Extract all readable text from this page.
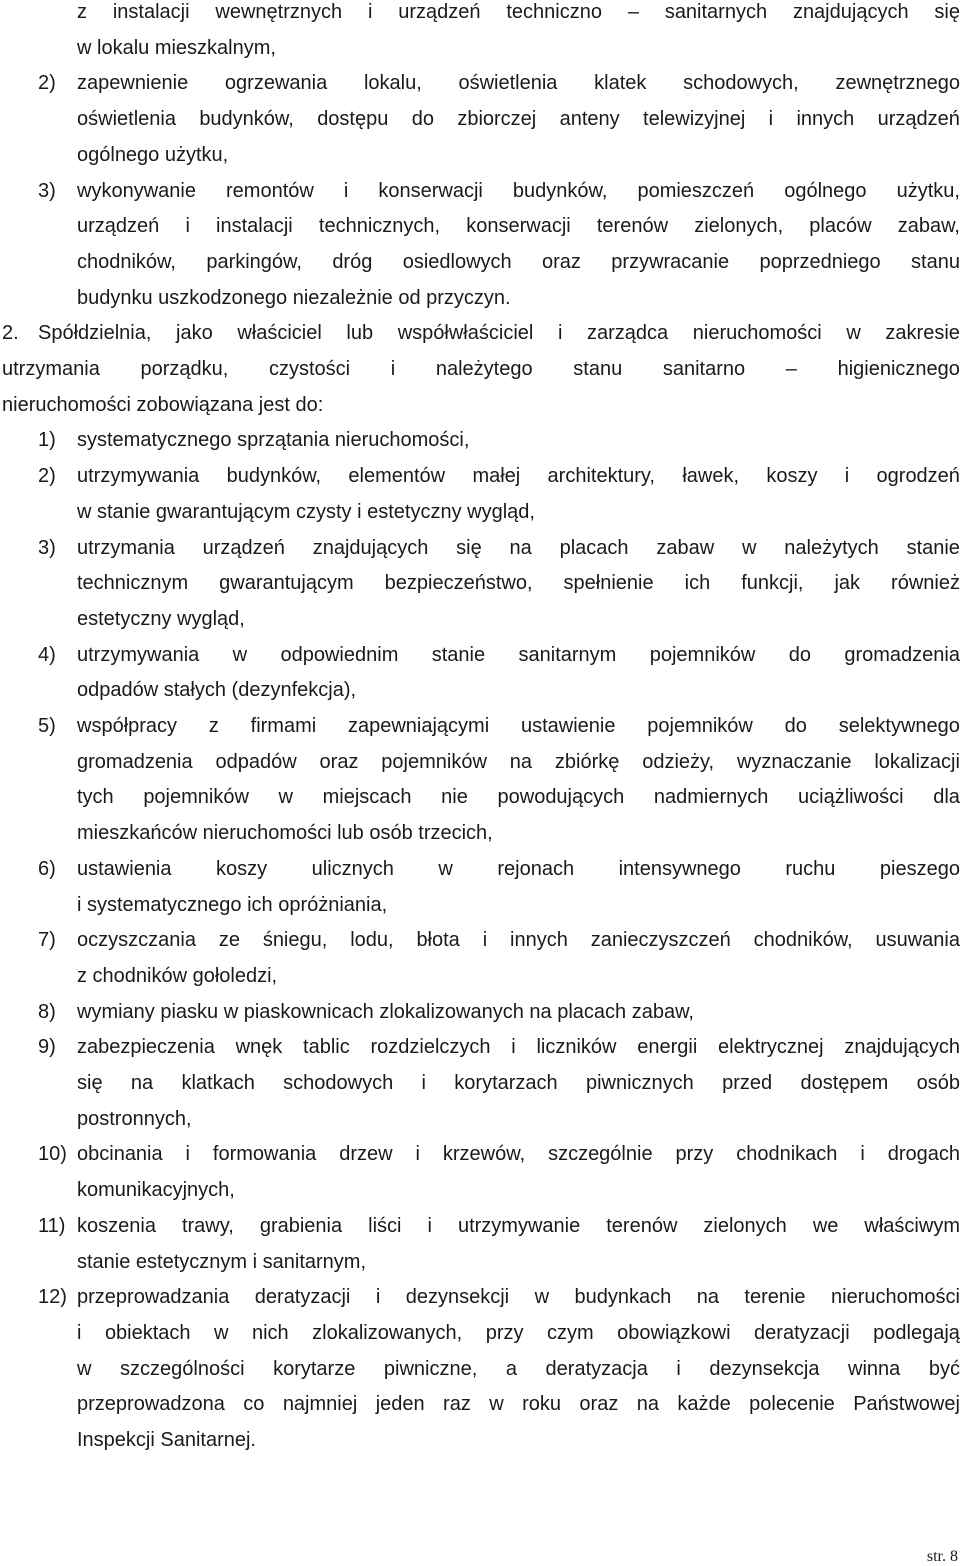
z instalacji wewnętrznych i urządzeń techniczno – sanitarnych znajdujących się
w lokalu mieszkalnym,
2) zapewnienie ogrzewania lokalu, oświetlenia klatek schodowych, zewnętrznego
oświetlenia budynków, dostępu do zbiorczej anteny telewizyjnej i innych urządzeń
ogólnego użytku,
3) wykonywanie remontów i konserwacji budynków, pomieszczeń ogólnego użytku,
urządzeń i instalacji technicznych, konserwacji terenów zielonych, placów zabaw,
chodników, parkingów, dróg osiedlowych oraz przywracanie poprzedniego stanu
budynku uszkodzonego niezależnie od przyczyn.
2. Spółdzielnia, jako właściciel lub współwłaściciel i zarządca nieruchomości w zakresie
utrzymania porządku, czystości i należytego stanu sanitarno – higienicznego
nieruchomości zobowiązana jest do:
1) systematycznego sprzątania nieruchomości,
2) utrzymywania budynków, elementów małej architektury, ławek, koszy i ogrodzeń
w stanie gwarantującym czysty i estetyczny wygląd,
3) utrzymania urządzeń znajdujących się na placach zabaw w należytych stanie
technicznym gwarantującym bezpieczeństwo, spełnienie ich funkcji, jak również
estetyczny wygląd,
4) utrzymywania w odpowiednim stanie sanitarnym pojemników do gromadzenia
odpadów stałych (dezynfekcja),
5) współpracy z firmami zapewniającymi ustawienie pojemników do selektywnego
gromadzenia odpadów oraz pojemników na zbiórkę odzieży, wyznaczanie lokalizacji
tych pojemników w miejscach nie powodujących nadmiernych uciążliwości dla
mieszkańców nieruchomości lub osób trzecich,
6) ustawienia koszy ulicznych w rejonach intensywnego ruchu pieszego
i systematycznego ich opróżniania,
7) oczyszczania ze śniegu, lodu, błota i innych zanieczyszczeń chodników, usuwania
z chodników gołoledzi,
8) wymiany piasku w piaskownicach zlokalizowanych na placach zabaw,
9) zabezpieczenia wnęk tablic rozdzielczych i liczników energii elektrycznej znajdujących
się na klatkach schodowych i korytarzach piwnicznych przed dostępem osób
postronnych,
10) obcinania i formowania drzew i krzewów, szczególnie przy chodnikach i drogach
komunikacyjnych,
11) koszenia trawy, grabienia liści i utrzymywanie terenów zielonych we właściwym
stanie estetycznym i sanitarnym,
12) przeprowadzania deratyzacji i dezynsekcji w budynkach na terenie nieruchomości
i obiektach w nich zlokalizowanych, przy czym obowiązkowi deratyzacji podlegają
w szczególności korytarze piwniczne, a deratyzacja i dezynsekcja winna być
przeprowadzona co najmniej jeden raz w roku oraz na każde polecenie Państwowej
Inspekcji Sanitarnej.
str. 8
